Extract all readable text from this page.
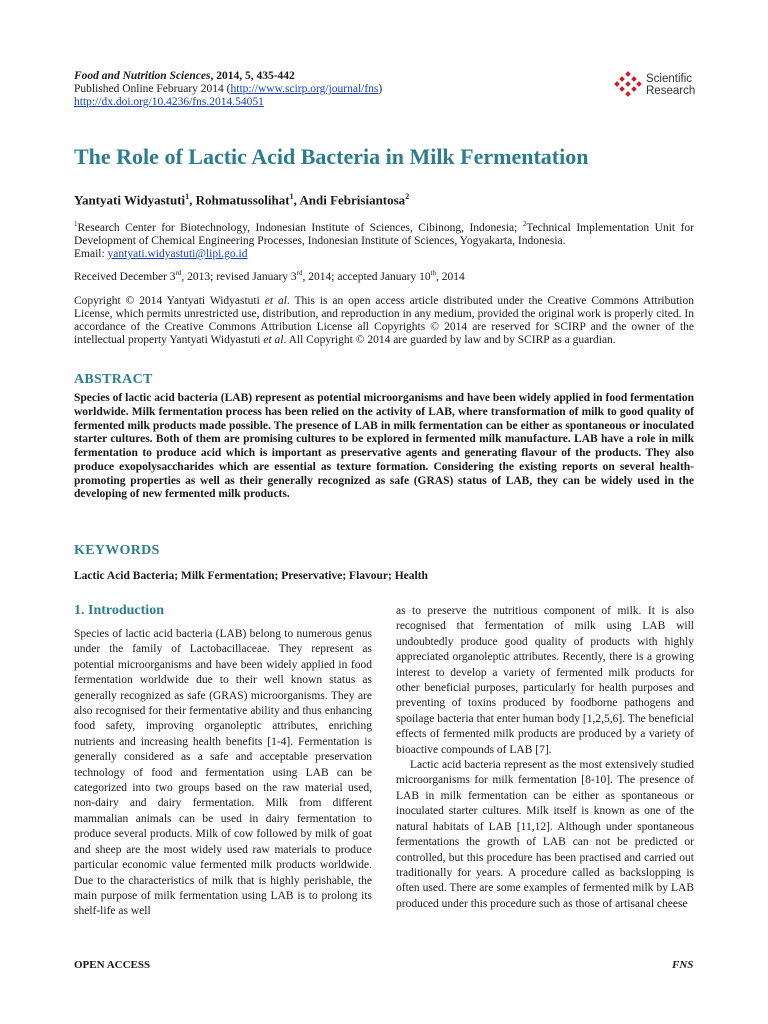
Food and Nutrition Sciences, 2014, 5, 435-442
Published Online February 2014 (http://www.scirp.org/journal/fns)
http://dx.doi.org/10.4236/fns.2014.54051
Scientific
Research
The Role of Lactic Acid Bacteria in Milk Fermentation
Yantyati Widyastuti$^1$, Rohmatussolihat$^1$, Andi Febrisiantosa$^2$
$^1$Research Center for Biotechnology, Indonesian Institute of Sciences, Cibinong, Indonesia; $^2$Technical Implementation Unit for Development of Chemical Engineering Processes, Indonesian Institute of Sciences, Yogyakarta, Indonesia.
Email: yantyati.widyastuti@lipi.go.id
Received December 3rd, 2013; revised January 3rd, 2014; accepted January 10th, 2014
Copyright © 2014 Yantyati Widyastuti et al. This is an open access article distributed under the Creative Commons Attribution License, which permits unrestricted use, distribution, and reproduction in any medium, provided the original work is properly cited. In accordance of the Creative Commons Attribution License all Copyrights © 2014 are reserved for SCIRP and the owner of the intellectual property Yantyati Widyastuti et al. All Copyright © 2014 are guarded by law and by SCIRP as a guardian.
ABSTRACT
Species of lactic acid bacteria (LAB) represent as potential microorganisms and have been widely applied in food fermentation worldwide. Milk fermentation process has been relied on the activity of LAB, where transformation of milk to good quality of fermented milk products made possible. The presence of LAB in milk fermentation can be either as spontaneous or inoculated starter cultures. Both of them are promising cultures to be explored in fermented milk manufacture. LAB have a role in milk fermentation to produce acid which is important as preservative agents and generating flavour of the products. They also produce exopolysaccharides which are essential as texture formation. Considering the existing reports on several health-promoting properties as well as their generally recognized as safe (GRAS) status of LAB, they can be widely used in the developing of new fermented milk products.
KEYWORDS
Lactic Acid Bacteria; Milk Fermentation; Preservative; Flavour; Health
1. Introduction

Species of lactic acid bacteria (LAB) belong to numerous genus under the family of Lactobacillaceae. They represent as potential microorganisms and have been widely applied in food fermentation worldwide due to their well known status as generally recognized as safe (GRAS) microorganisms. They are also recognised for their fermentative ability and thus enhancing food safety, improving organoleptic attributes, enriching nutrients and increasing health benefits [1-4]. Fermentation is generally considered as a safe and acceptable preservation technology of food and fermentation using LAB can be categorized into two groups based on the raw material used, non-dairy and dairy fermentation. Milk from different mammalian animals can be used in dairy fermentation to produce several products. Milk of cow followed by milk of goat and sheep are the most widely used raw materials to produce particular economic value fermented milk products worldwide. Due to the characteristics of milk that is highly perishable, the main purpose of milk fermentation using LAB is to prolong its shelf-life as well

as to preserve the nutritious component of milk. It is also recognised that fermentation of milk using LAB will undoubtedly produce good quality of products with highly appreciated organoleptic attributes. Recently, there is a growing interest to develop a variety of fermented milk products for other beneficial purposes, particularly for health purposes and preventing of toxins produced by foodborne pathogens and spoilage bacteria that enter human body [1,2,5,6]. The beneficial effects of fermented milk products are produced by a variety of bioactive compounds of LAB [7].

Lactic acid bacteria represent as the most extensively studied microorganisms for milk fermentation [8-10]. The presence of LAB in milk fermentation can be either as spontaneous or inoculated starter cultures. Milk itself is known as one of the natural habitats of LAB [11,12]. Although under spontaneous fermentations the growth of LAB can not be predicted or controlled, but this procedure has been practised and carried out traditionally for years. A procedure called as backslopping is often used. There are some examples of fermented milk by LAB produced under this procedure such as those of artisanal cheese

OPEN ACCESS	FNS
